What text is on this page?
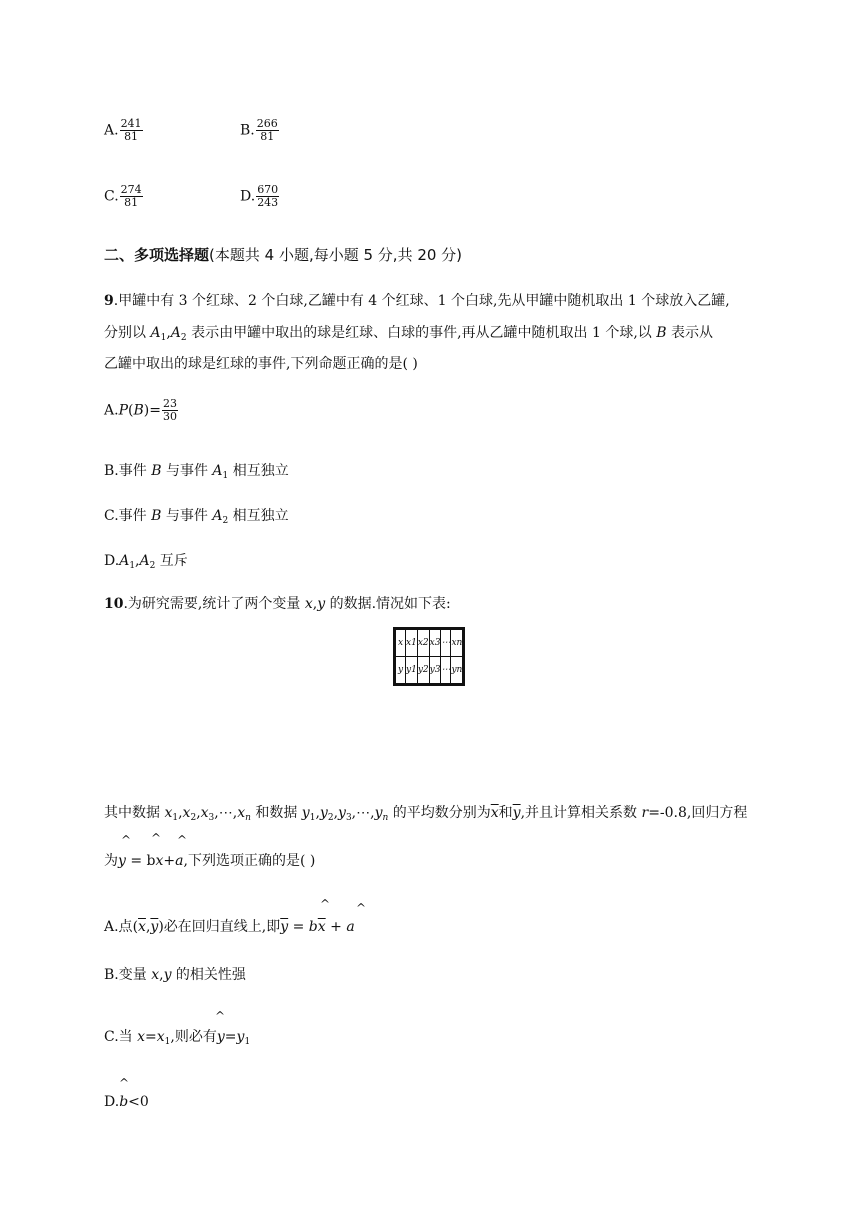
A. $\frac{241}{81}$	B. $\frac{266}{81}$
C. $\frac{274}{81}$	D. $\frac{670}{243}$
二、多项选择题(本题共 4 小题,每小题 5 分,共 20 分)
9.甲罐中有 3 个红球、2 个白球,乙罐中有 4 个红球、1 个白球,先从甲罐中随机取出 1 个球放入乙罐,
分别以 $A_1,A_2$ 表示由甲罐中取出的球是红球、白球的事件,再从乙罐中随机取出 1 个球,以 B 表示从
乙罐中取出的球是红球的事件,下列命题正确的是( )
$A.P(B)= \frac{23}{30}$
B.事件 B 与事件 $A_1$ 相互独立
C.事件 B 与事件 $A_2$ 相互独立
$D.A_1,A_2$ 互斥
10.为研究需要,统计了两个变量 x,y 的数据.情况如下表:
x	x1	x2	x3	⋯	xn
y	y1	y2	y3	⋯	yn
其中数据 $x_1,x_2,x_3,\cdots,x_n$ 和数据 $y_1,y_2,y_3,\cdots,y_n$ 的平均数分别为$\overline{x}$和$\overline{y}$,并且计算相关系数 r=-0.8,回归方程
^ ^ ^
为y = bx+a,下列选项正确的是( )
^ ^
A.点$(\overline{x},\overline{y})$必在回归直线上,即$\overline{y} = b\overline{x} + a$
B.变量 x,y 的相关性强
^
C.当 $x=x_1$,则必有$y=y_1$
^
D.b<0
